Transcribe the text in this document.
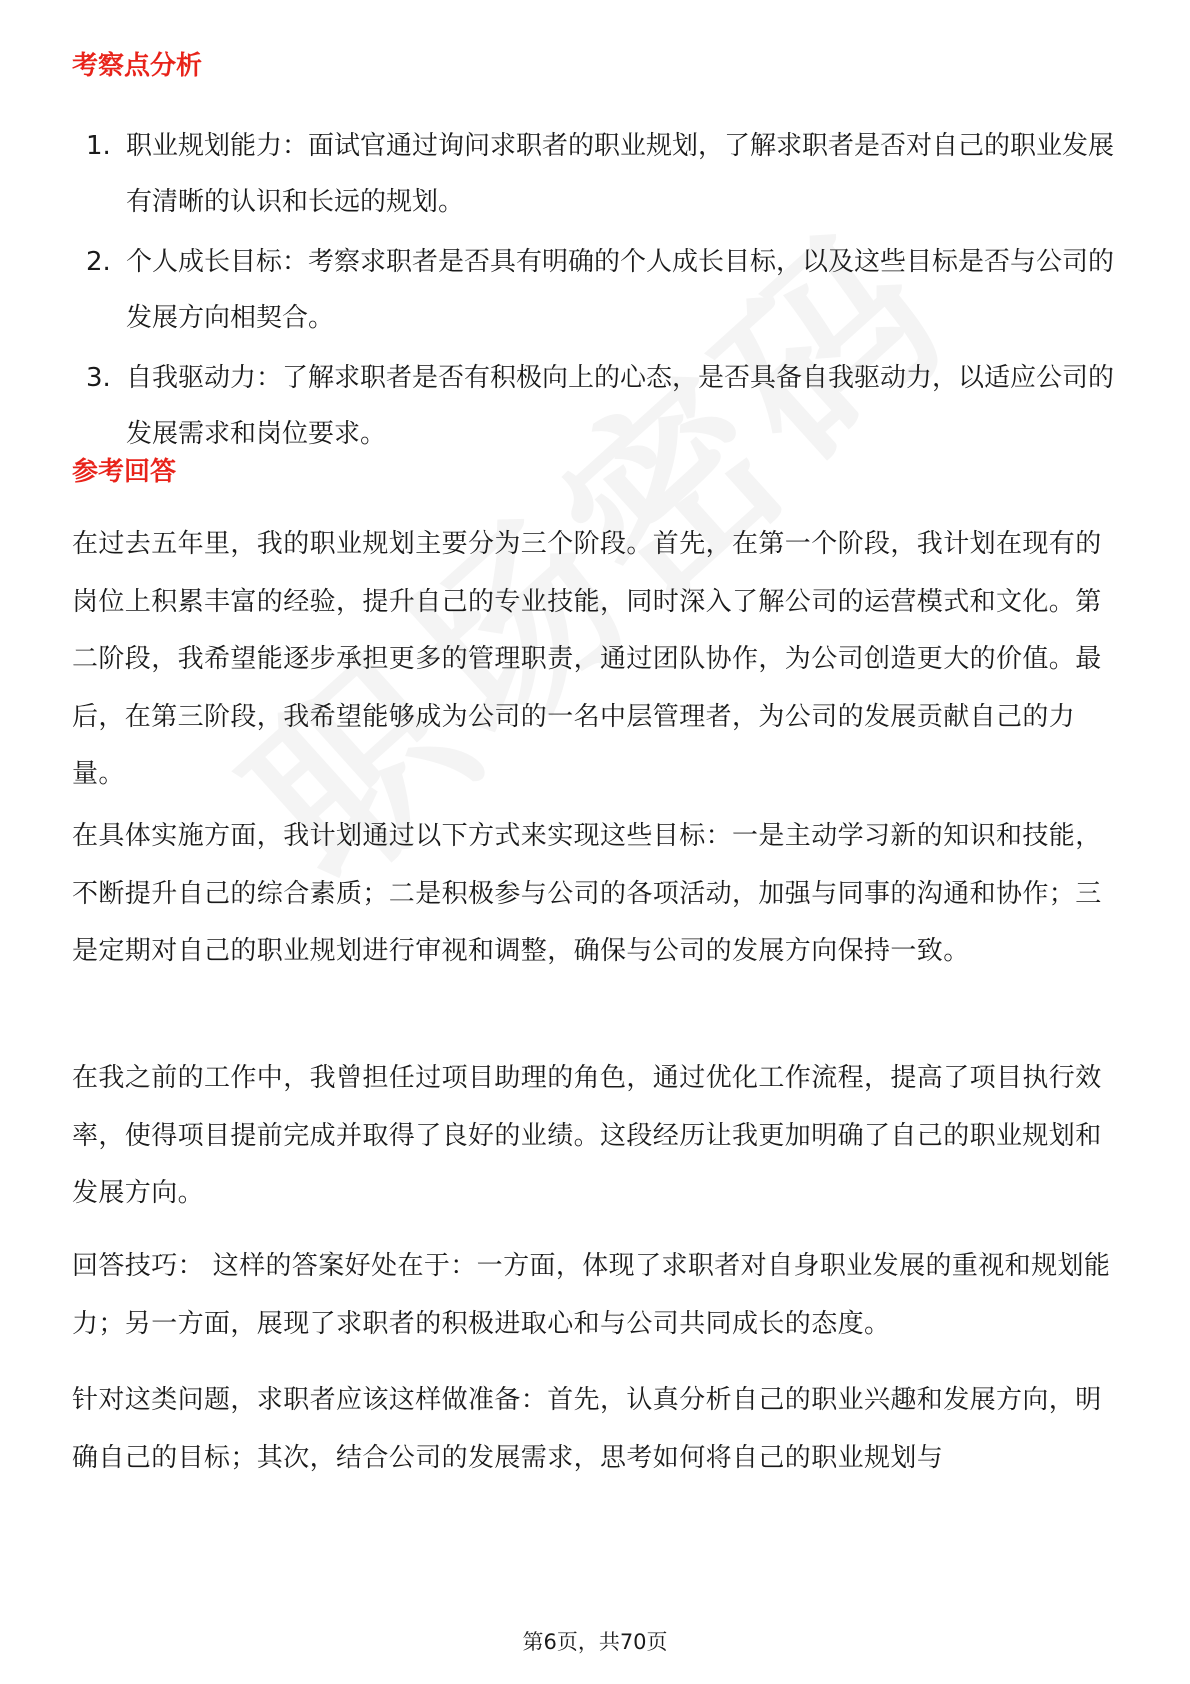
考察点分析
1. 职业规划能力：面试官通过询问求职者的职业规划，了解求职者是否对自己的职业发展有清晰的认识和长远的规划。
2. 个人成长目标：考察求职者是否具有明确的个人成长目标，以及这些目标是否与公司的发展方向相契合。
3. 自我驱动力：了解求职者是否有积极向上的心态，是否具备自我驱动力，以适应公司的发展需求和岗位要求。
参考回答

在过去五年里，我的职业规划主要分为三个阶段。首先，在第一个阶段，我计划在现有的岗位上积累丰富的经验，提升自己的专业技能，同时深入了解公司的运营模式和文化。第二阶段，我希望能逐步承担更多的管理职责，通过团队协作，为公司创造更大的价值。最后，在第三阶段，我希望能够成为公司的一名中层管理者，为公司的发展贡献自己的力量。

在具体实施方面，我计划通过以下方式来实现这些目标：一是主动学习新的知识和技能，不断提升自己的综合素质；二是积极参与公司的各项活动，加强与同事的沟通和协作；三是定期对自己的职业规划进行审视和调整，确保与公司的发展方向保持一致。

在我之前的工作中，我曾担任过项目助理的角色，通过优化工作流程，提高了项目执行效率，使得项目提前完成并取得了良好的业绩。这段经历让我更加明确了自己的职业规划和发展方向。

回答技巧： 这样的答案好处在于：一方面，体现了求职者对自身职业发展的重视和规划能力；另一方面，展现了求职者的积极进取心和与公司共同成长的态度。

针对这类问题，求职者应该这样做准备：首先，认真分析自己的职业兴趣和发展方向，明确自己的目标；其次，结合公司的发展需求，思考如何将自己的职业规划与

第6页，共70页
